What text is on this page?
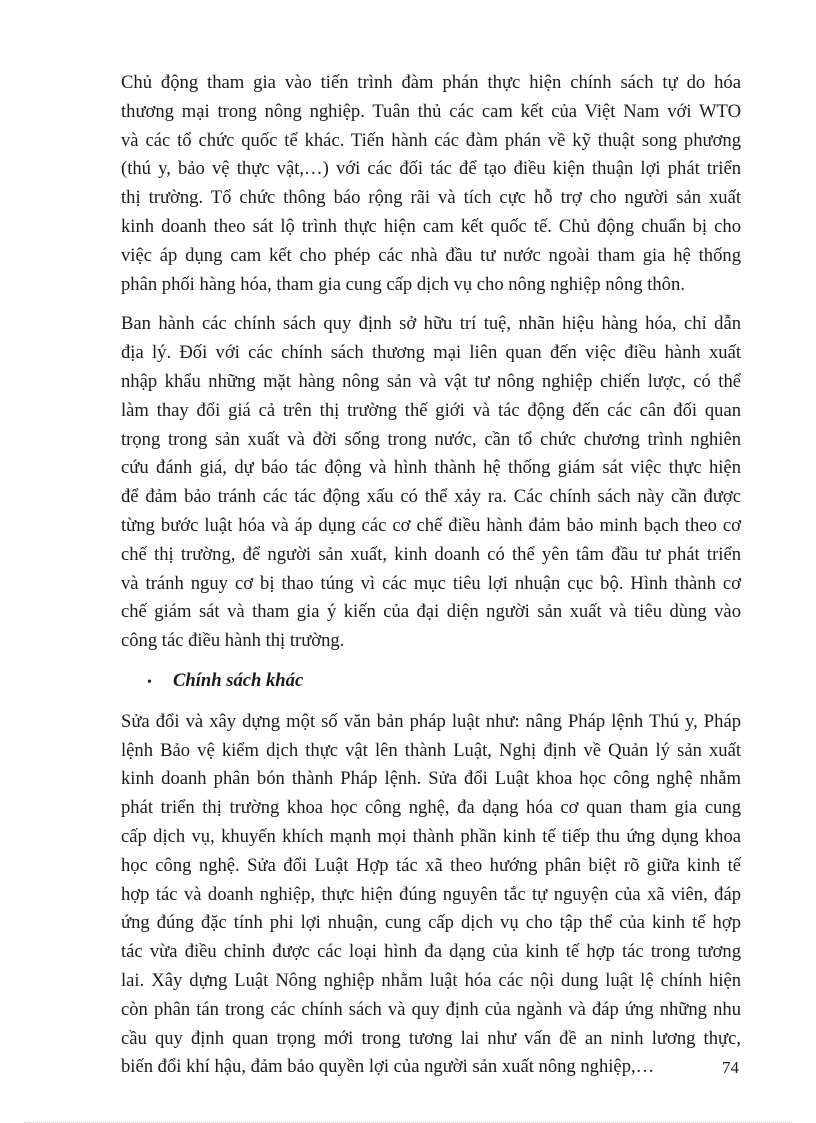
Chủ động tham gia vào tiến trình đàm phán thực hiện chính sách tự do hóa
thương mại trong nông nghiệp. Tuân thủ các cam kết của Việt Nam với WTO
và các tổ chức quốc tế khác. Tiến hành các đàm phán về kỹ thuật song phương
(thú y, bảo vệ thực vật,…) với các đối tác để tạo điều kiện thuận lợi phát triển
thị trường. Tổ chức thông báo rộng rãi và tích cực hỗ trợ cho người sản xuất
kinh doanh theo sát lộ trình thực hiện cam kết quốc tế. Chủ động chuẩn bị cho
việc áp dụng cam kết cho phép các nhà đầu tư nước ngoài tham gia hệ thống
phân phối hàng hóa, tham gia cung cấp dịch vụ cho nông nghiệp nông thôn.
Ban hành các chính sách quy định sở hữu trí tuệ, nhãn hiệu hàng hóa, chỉ dẫn
địa lý. Đối với các chính sách thương mại liên quan đến việc điều hành xuất
nhập khẩu những mặt hàng nông sản và vật tư nông nghiệp chiến lược, có thể
làm thay đổi giá cả trên thị trường thế giới và tác động đến các cân đối quan
trọng trong sản xuất và đời sống trong nước, cần tổ chức chương trình nghiên
cứu đánh giá, dự báo tác động và hình thành hệ thống giám sát việc thực hiện
để đảm bảo tránh các tác động xấu có thể xảy ra. Các chính sách này cần được
từng bước luật hóa và áp dụng các cơ chế điều hành đảm bảo minh bạch theo cơ
chế thị trường, để người sản xuất, kinh doanh có thể yên tâm đầu tư phát triển
và tránh nguy cơ bị thao túng vì các mục tiêu lợi nhuận cục bộ. Hình thành cơ
chế giám sát và tham gia ý kiến của đại diện người sản xuất và tiêu dùng vào
công tác điều hành thị trường.
•	Chính sách khác
Sửa đổi và xây dựng một số văn bản pháp luật như: nâng Pháp lệnh Thú y, Pháp
lệnh Bảo vệ kiểm dịch thực vật lên thành Luật, Nghị định về Quản lý sản xuất
kinh doanh phân bón thành Pháp lệnh. Sửa đổi Luật khoa học công nghệ nhằm
phát triển thị trường khoa học công nghệ, đa dạng hóa cơ quan tham gia cung
cấp dịch vụ, khuyến khích mạnh mọi thành phần kinh tế tiếp thu ứng dụng khoa
học công nghệ. Sửa đổi Luật Hợp tác xã theo hướng phân biệt rõ giữa kinh tế
hợp tác và doanh nghiệp, thực hiện đúng nguyên tắc tự nguyện của xã viên, đáp
ứng đúng đặc tính phi lợi nhuận, cung cấp dịch vụ cho tập thể của kinh tế hợp
tác vừa điều chỉnh được các loại hình đa dạng của kinh tế hợp tác trong tương
lai. Xây dựng Luật Nông nghiệp nhằm luật hóa các nội dung luật lệ chính hiện
còn phân tán trong các chính sách và quy định của ngành và đáp ứng những nhu
cầu quy định quan trọng mới trong tương lai như vấn đề an ninh lương thực,
biến đổi khí hậu, đảm bảo quyền lợi của người sản xuất nông nghiệp,…	74
